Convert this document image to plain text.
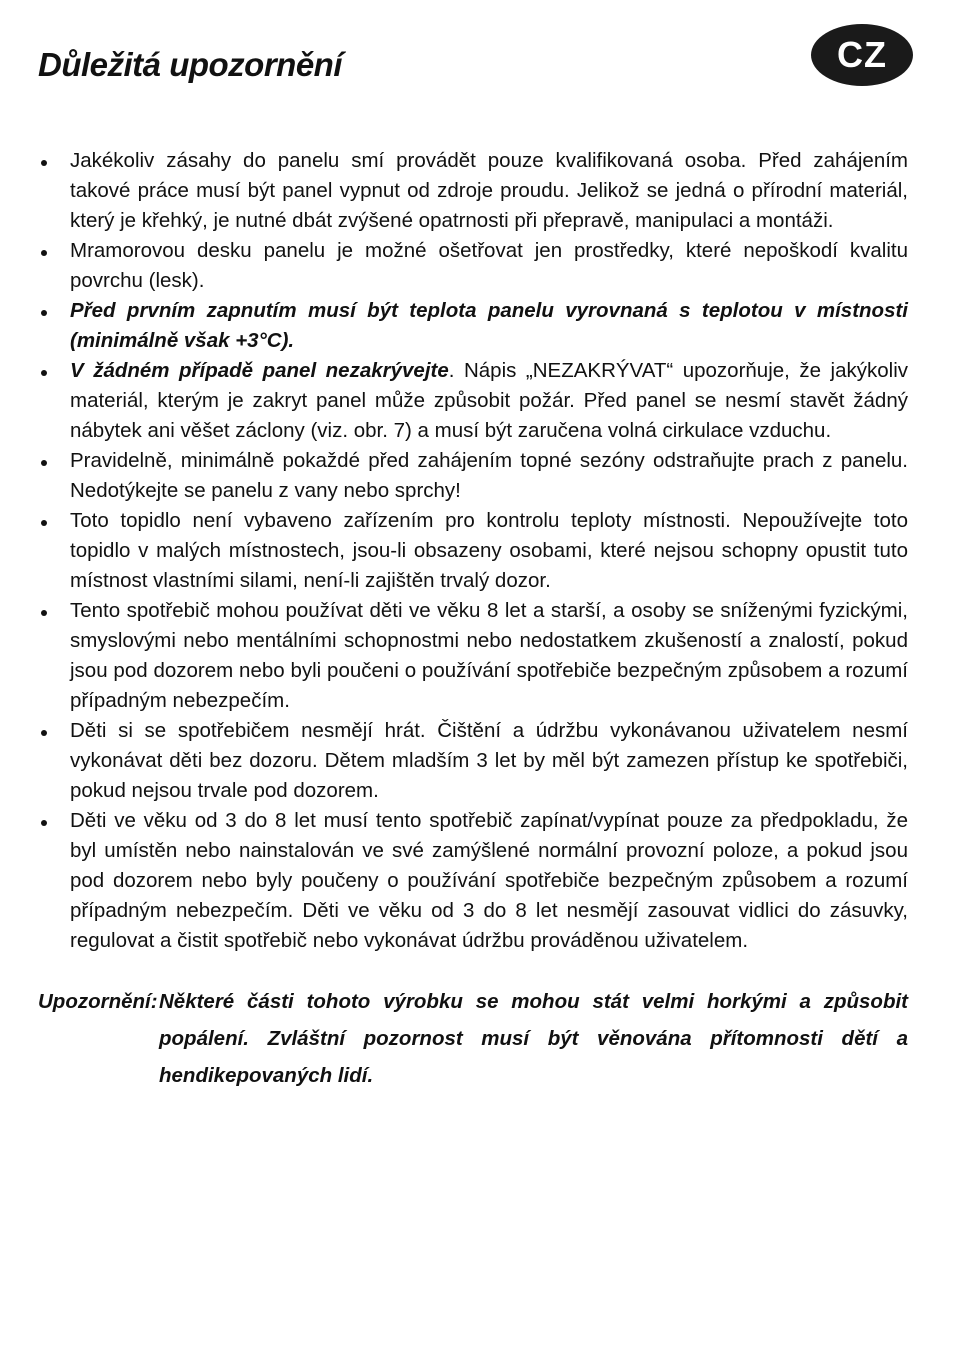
Důležitá upozornění	CZ
Jakékoliv zásahy do panelu smí provádět pouze kvalifikovaná osoba. Před zahájením takové práce musí být panel vypnut od zdroje proudu. Jelikož se jedná o přírodní materiál, který je křehký, je nutné dbát zvýšené opatrnosti při přepravě, manipulaci a montáži.
Mramorovou desku panelu je možné ošetřovat jen prostředky, které nepoškodí kvalitu povrchu (lesk).
Před prvním zapnutím musí být teplota panelu vyrovnaná s teplotou v místnosti (minimálně však +3°C).
V žádném případě panel nezakrývejte. Nápis „NEZAKRÝVAT“ upozorňuje, že jakýkoliv materiál, kterým je zakryt panel může způsobit požár. Před panel se nesmí stavět žádný nábytek ani věšet záclony (viz. obr. 7) a musí být zaručena volná cirkulace vzduchu.
Pravidelně, minimálně pokaždé před zahájením topné sezóny odstraňujte prach z panelu. Nedotýkejte se panelu z vany nebo sprchy!
Toto topidlo není vybaveno zařízením pro kontrolu teploty místnosti. Nepoužívejte toto topidlo v malých místnostech, jsou-li obsazeny osobami, které nejsou schopny opustit tuto místnost vlastními silami, není-li zajištěn trvalý dozor.
Tento spotřebič mohou používat děti ve věku 8 let a starší, a osoby se sníženými fyzickými, smyslovými nebo mentálními schopnostmi nebo nedostatkem zkušeností a znalostí, pokud jsou pod dozorem nebo byli poučeni o používání spotřebiče bezpečným způsobem a rozumí případným nebezpečím.
Děti si se spotřebičem nesmějí hrát. Čištění a údržbu vykonávanou uživatelem nesmí vykonávat děti bez dozoru. Dětem mladším 3 let by měl být zamezen přístup ke spotřebiči, pokud nejsou trvale pod dozorem.
Děti ve věku od 3 do 8 let musí tento spotřebič zapínat/vypínat pouze za předpokladu, že byl umístěn nebo nainstalován ve své zamýšlené normální provozní poloze, a pokud jsou pod dozorem nebo byly poučeny o používání spotřebiče bezpečným způsobem a rozumí případným nebezpečím. Děti ve věku od 3 do 8 let nesmějí zasouvat vidlici do zásuvky, regulovat a čistit spotřebič nebo vykonávat údržbu prováděnou uživatelem.
Upozornění: Některé části tohoto výrobku se mohou stát velmi horkými a způsobit popálení. Zvláštní pozornost musí být věnována přítomnosti dětí a hendikepovaných lidí.
